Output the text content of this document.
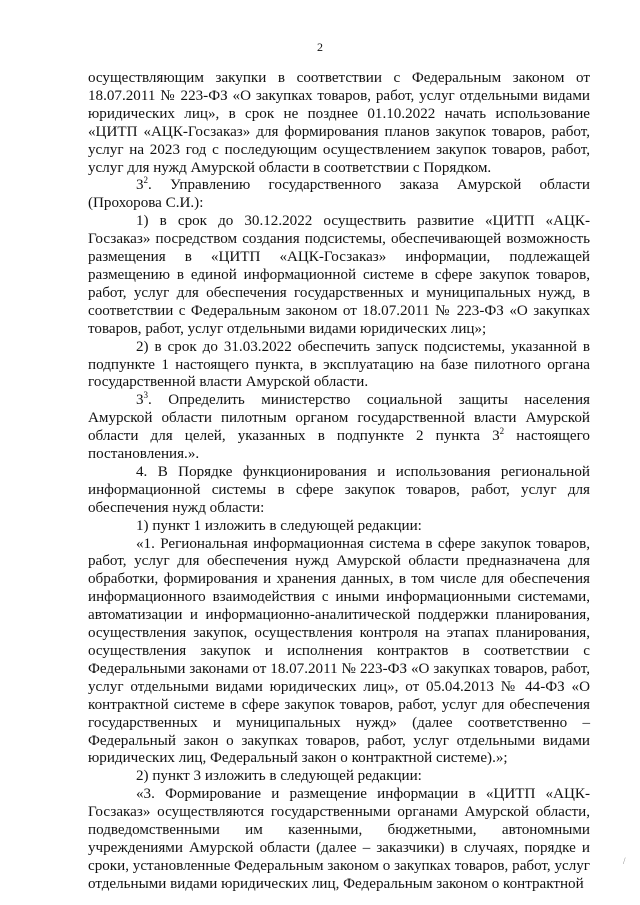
2

осуществляющим закупки в соответствии с Федеральным законом от 18.07.2011 № 223-ФЗ «О закупках товаров, работ, услуг отдельными видами юридических лиц», в срок не позднее 01.10.2022 начать использование «ЦИТП «АЦК-Госзаказ» для формирования планов закупок товаров, работ, услуг на 2023 год с последующим осуществлением закупок товаров, работ, услуг для нужд Амурской области в соответствии с Порядком.

$3^2$. Управлению государственного заказа Амурской области (Прохорова С.И.):

1) в срок до 30.12.2022 осуществить развитие «ЦИТП «АЦК-Госзаказ» посредством создания подсистемы, обеспечивающей возможность размещения в «ЦИТП «АЦК-Госзаказ» информации, подлежащей размещению в единой информационной системе в сфере закупок товаров, работ, услуг для обеспечения государственных и муниципальных нужд, в соответствии с Федеральным законом от 18.07.2011 № 223-ФЗ «О закупках товаров, работ, услуг отдельными видами юридических лиц»;

2) в срок до 31.03.2022 обеспечить запуск подсистемы, указанной в подпункте 1 настоящего пункта, в эксплуатацию на базе пилотного органа государственной власти Амурской области.

$3^3$. Определить министерство социальной защиты населения Амурской области пилотным органом государственной власти Амурской области для целей, указанных в подпункте 2 пункта $3^2$ настоящего постановления.».

4. В Порядке функционирования и использования региональной информационной системы в сфере закупок товаров, работ, услуг для обеспечения нужд области:

1) пункт 1 изложить в следующей редакции:

«1. Региональная информационная система в сфере закупок товаров, работ, услуг для обеспечения нужд Амурской области предназначена для обработки, формирования и хранения данных, в том числе для обеспечения информационного взаимодействия с иными информационными системами, автоматизации и информационно-аналитической поддержки планирования, осуществления закупок, осуществления контроля на этапах планирования, осуществления закупок и исполнения контрактов в соответствии с Федеральными законами от 18.07.2011 № 223-ФЗ «О закупках товаров, работ, услуг отдельными видами юридических лиц», от 05.04.2013 № 44-ФЗ «О контрактной системе в сфере закупок товаров, работ, услуг для обеспечения государственных и муниципальных нужд» (далее соответственно – Федеральный закон о закупках товаров, работ, услуг отдельными видами юридических лиц, Федеральный закон о контрактной системе).»;

2) пункт 3 изложить в следующей редакции:

«3. Формирование и размещение информации в «ЦИТП «АЦК-Госзаказ» осуществляются государственными органами Амурской области, подведомственными им казенными, бюджетными, автономными учреждениями Амурской области (далее – заказчики) в случаях, порядке и сроки, установленные Федеральным законом о закупках товаров, работ, услуг отдельными видами юридических лиц, Федеральным законом о контрактной

/
